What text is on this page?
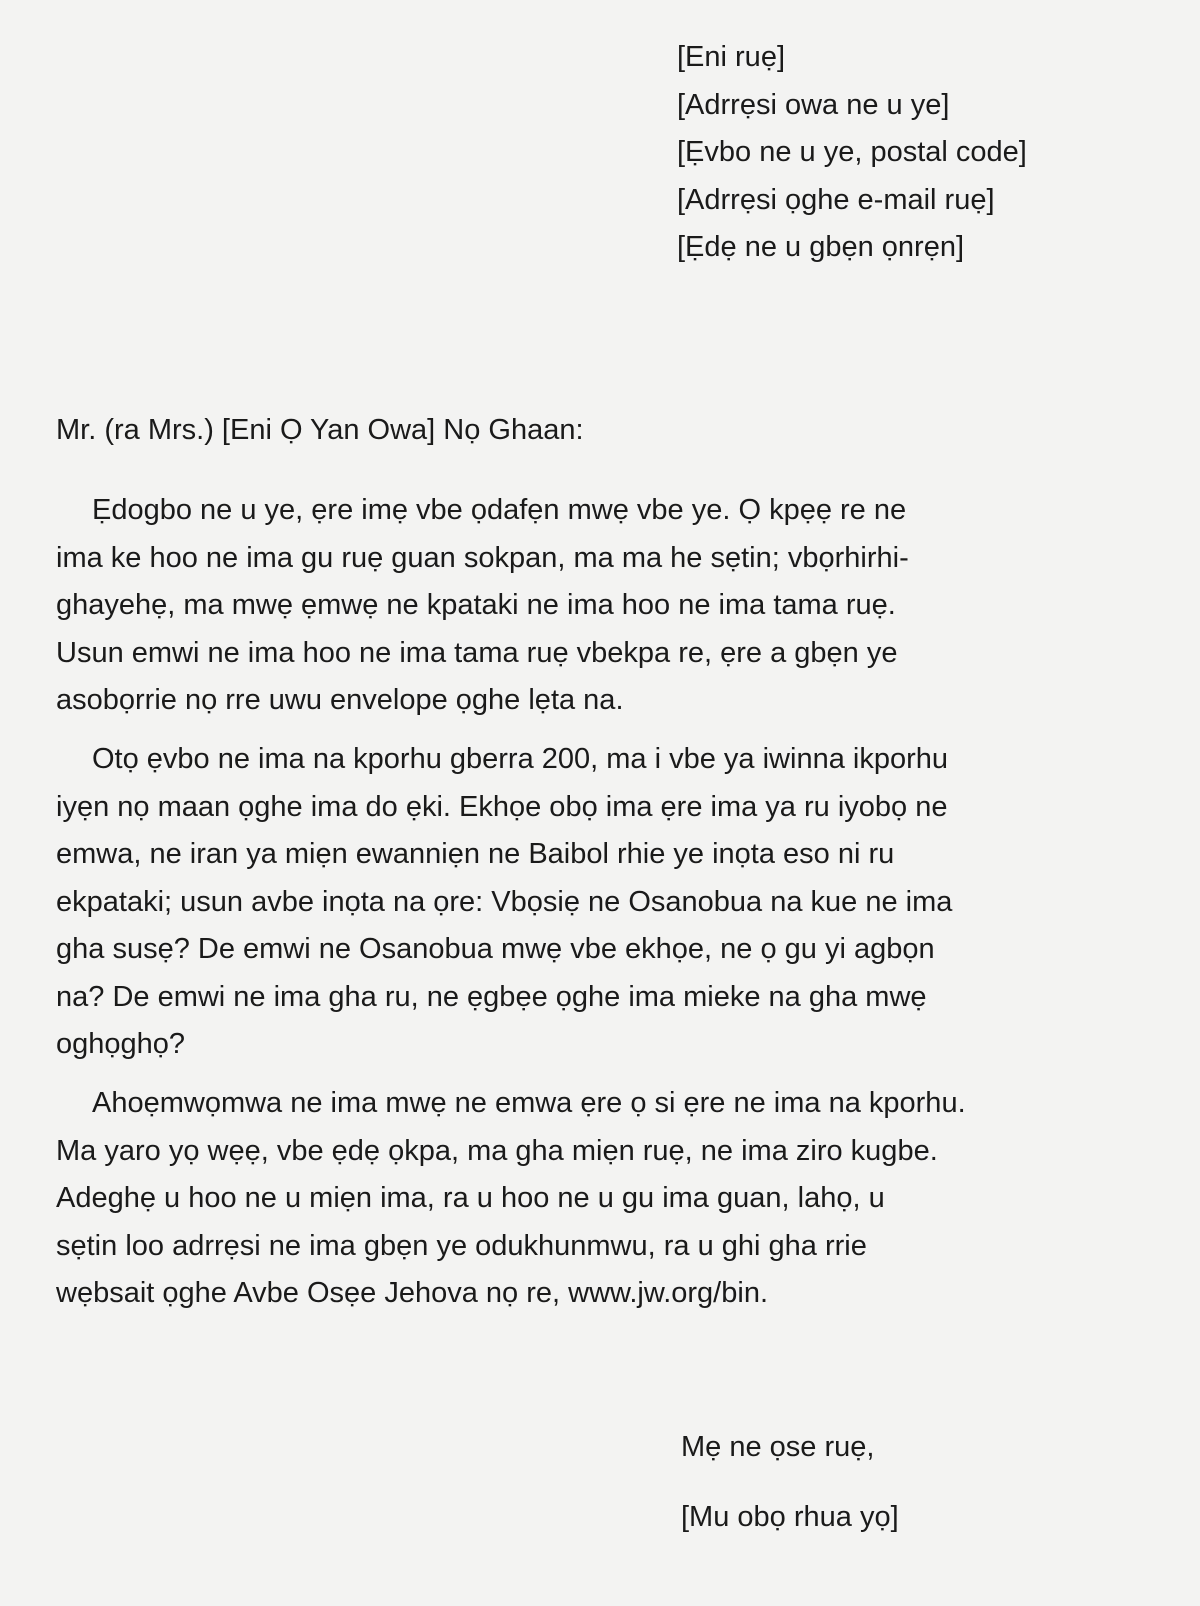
[Eni ruẹ]
[Adrrẹsi owa ne u ye]
[Ẹvbo ne u ye, postal code]
[Adrrẹsi ọghe e-mail ruẹ]
[Ẹdẹ ne u gbẹn ọnrẹn]
Mr. (ra Mrs.) [Eni Ọ Yan Owa] Nọ Ghaan:
Ẹdogbo ne u ye, ẹre imẹ vbe ọdafẹn mwẹ vbe ye. Ọ kpẹẹ re ne
ima ke hoo ne ima gu ruẹ guan sokpan, ma ma he sẹtin; vbọrhirhi-
ghayehẹ, ma mwẹ ẹmwẹ ne kpataki ne ima hoo ne ima tama ruẹ.
Usun emwi ne ima hoo ne ima tama ruẹ vbekpa re, ẹre a gbẹn ye
asobọrrie nọ rre uwu envelope ọghe lẹta na.
Otọ ẹvbo ne ima na kporhu gberra 200, ma i vbe ya iwinna ikporhu
iyẹn nọ maan ọghe ima do ẹki. Ekhọe obọ ima ẹre ima ya ru iyobọ ne
emwa, ne iran ya miẹn ewanniẹn ne Baibol rhie ye inọta eso ni ru
ekpataki; usun avbe inọta na ọre: Vbọsiẹ ne Osanobua na kue ne ima
gha susẹ? De emwi ne Osanobua mwẹ vbe ekhọe, ne ọ gu yi agbọn
na? De emwi ne ima gha ru, ne ẹgbẹe ọghe ima mieke na gha mwẹ
oghọghọ?
Ahoẹmwọmwa ne ima mwẹ ne emwa ẹre ọ si ẹre ne ima na kporhu.
Ma yaro yọ wẹẹ, vbe ẹdẹ ọkpa, ma gha miẹn ruẹ, ne ima ziro kugbe.
Adeghẹ u hoo ne u miẹn ima, ra u hoo ne u gu ima guan, lahọ, u
sẹtin loo adrrẹsi ne ima gbẹn ye odukhunmwu, ra u ghi gha rrie
wẹbsait ọghe Avbe Osẹe Jehova nọ re, www.jw.org/bin.
Mẹ ne ọse ruẹ,
[Mu obọ rhua yọ]
